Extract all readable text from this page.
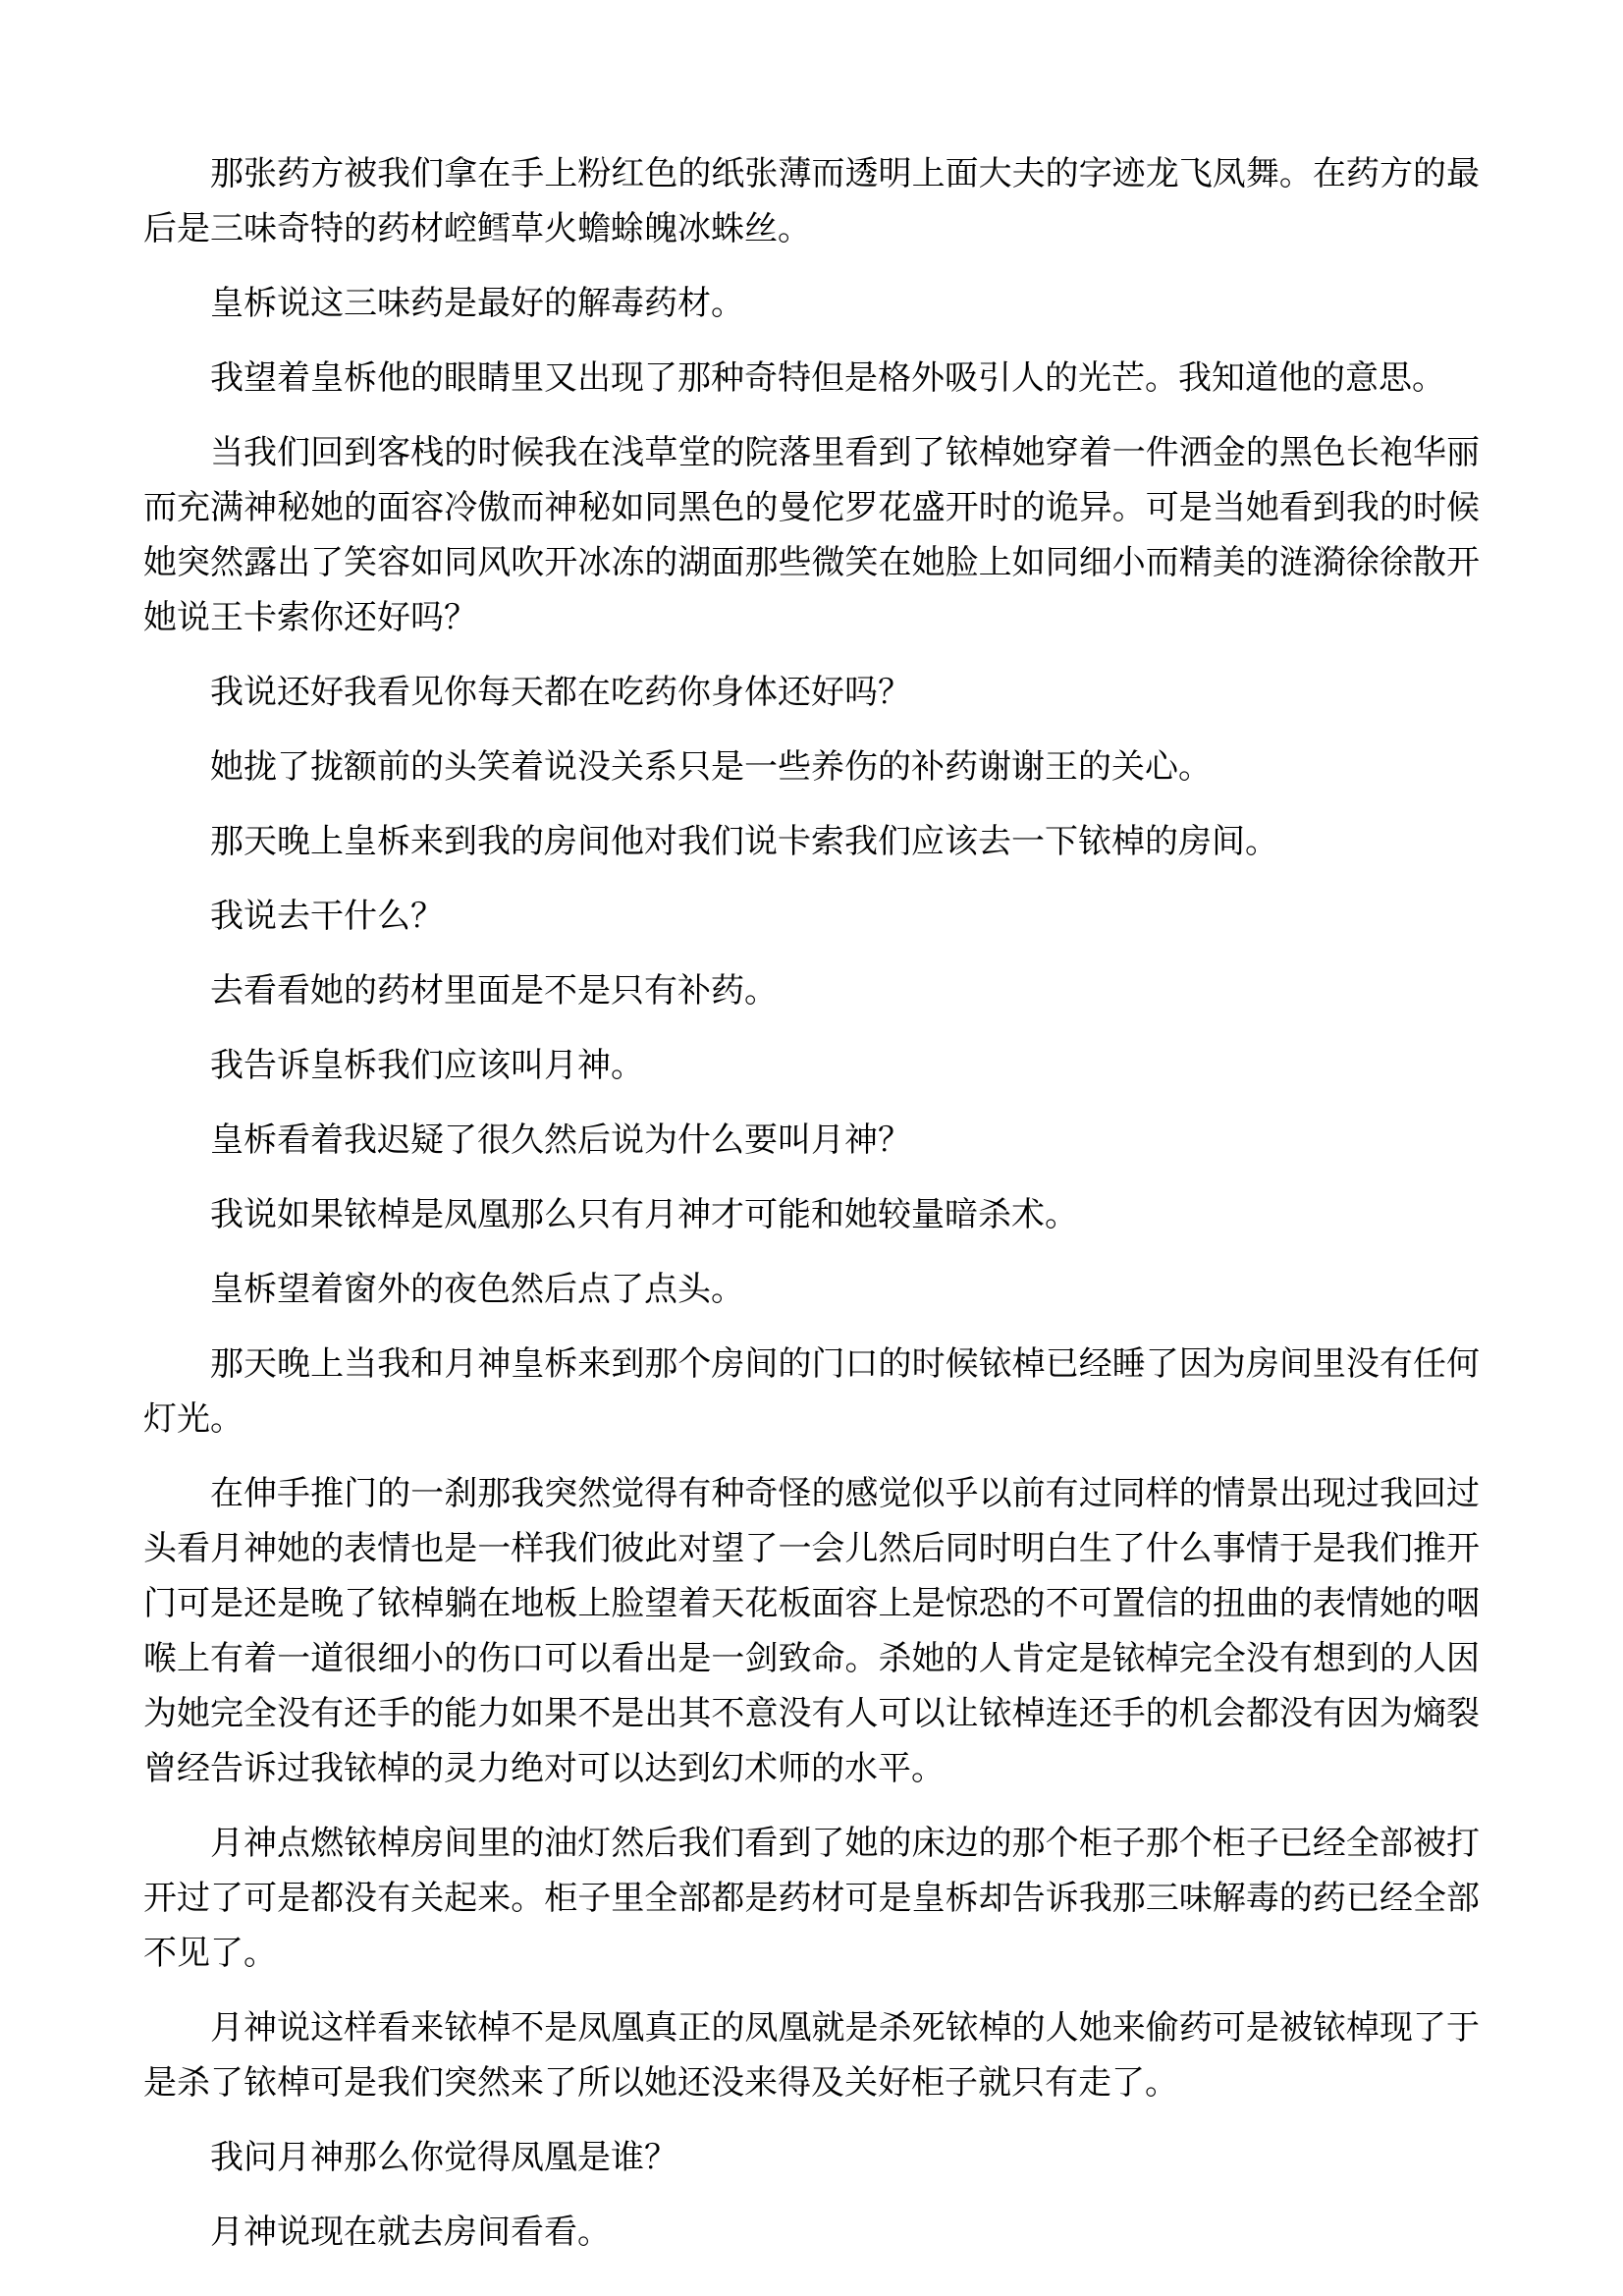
那张药方被我们拿在手上粉红色的纸张薄而透明上面大夫的字迹龙飞凤舞。在药方的最后是三味奇特的药材崆鳕草火蟾蜍魄冰蛛丝。

皇柝说这三味药是最好的解毒药材。

我望着皇柝他的眼睛里又出现了那种奇特但是格外吸引人的光芒。我知道他的意思。

当我们回到客栈的时候我在浅草堂的院落里看到了铱棹她穿着一件洒金的黑色长袍华丽而充满神秘她的面容冷傲而神秘如同黑色的曼佗罗花盛开时的诡异。可是当她看到我的时候她突然露出了笑容如同风吹开冰冻的湖面那些微笑在她脸上如同细小而精美的涟漪徐徐散开她说王卡索你还好吗？

我说还好我看见你每天都在吃药你身体还好吗？

她拢了拢额前的头笑着说没关系只是一些养伤的补药谢谢王的关心。

那天晚上皇柝来到我的房间他对我们说卡索我们应该去一下铱棹的房间。

我说去干什么？

去看看她的药材里面是不是只有补药。

我告诉皇柝我们应该叫月神。

皇柝看着我迟疑了很久然后说为什么要叫月神？

我说如果铱棹是凤凰那么只有月神才可能和她较量暗杀术。

皇柝望着窗外的夜色然后点了点头。

那天晚上当我和月神皇柝来到那个房间的门口的时候铱棹已经睡了因为房间里没有任何灯光。

在伸手推门的一刹那我突然觉得有种奇怪的感觉似乎以前有过同样的情景出现过我回过头看月神她的表情也是一样我们彼此对望了一会儿然后同时明白生了什么事情于是我们推开门可是还是晚了铱棹躺在地板上脸望着天花板面容上是惊恐的不可置信的扭曲的表情她的咽喉上有着一道很细小的伤口可以看出是一剑致命。杀她的人肯定是铱棹完全没有想到的人因为她完全没有还手的能力如果不是出其不意没有人可以让铱棹连还手的机会都没有因为熵裂曾经告诉过我铱棹的灵力绝对可以达到幻术师的水平。

月神点燃铱棹房间里的油灯然后我们看到了她的床边的那个柜子那个柜子已经全部被打开过了可是都没有关起来。柜子里全部都是药材可是皇柝却告诉我那三味解毒的药已经全部不见了。

月神说这样看来铱棹不是凤凰真正的凤凰就是杀死铱棹的人她来偷药可是被铱棹现了于是杀了铱棹可是我们突然来了所以她还没来得及关好柜子就只有走了。

我问月神那么你觉得凤凰是谁？

月神说现在就去房间看看。
